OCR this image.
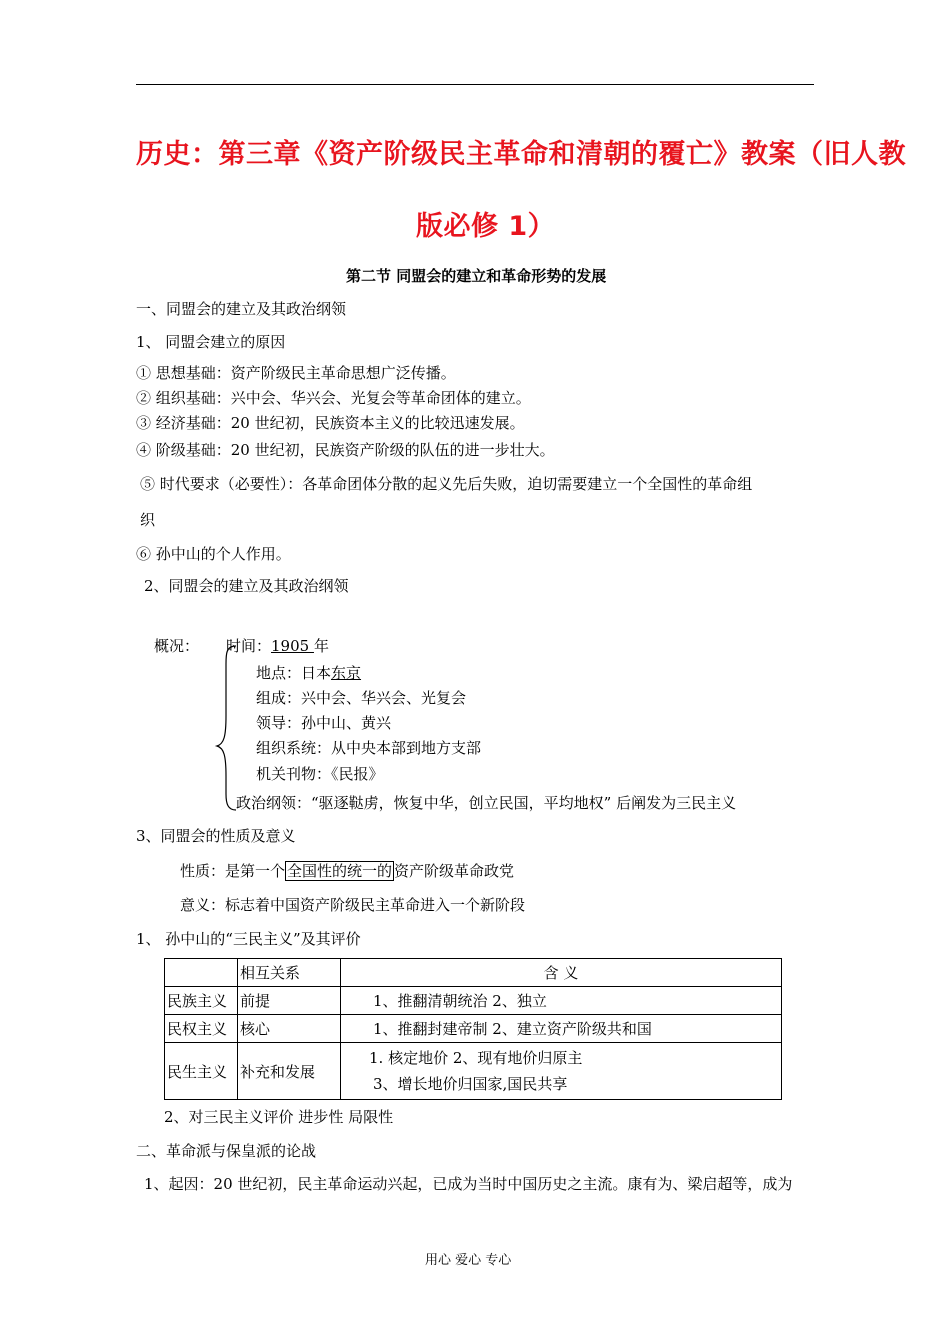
历史：第三章《资产阶级民主革命和清朝的覆亡》教案（旧人教
版必修 1）
第二节 同盟会的建立和革命形势的发展
一、同盟会的建立及其政治纲领
1、 同盟会建立的原因
① 思想基础：资产阶级民主革命思想广泛传播。
② 组织基础：兴中会、华兴会、光复会等革命团体的建立。
③ 经济基础：20 世纪初，民族资本主义的比较迅速发展。
④ 阶级基础：20 世纪初，民族资产阶级的队伍的进一步壮大。
⑤ 时代要求（必要性）：各革命团体分散的起义先后失败，迫切需要建立一个全国性的革命组
织
⑥ 孙中山的个人作用。
2、同盟会的建立及其政治纲领
概况： 时间：1905 年
地点：日本东京
组成：兴中会、华兴会、光复会
领导：孙中山、黄兴
组织系统：从中央本部到地方支部
机关刊物：《民报》
政治纲领：“驱逐鞑虏，恢复中华，创立民国，平均地权” 后阐发为三民主义
3、同盟会的性质及意义
性质：是第一个 全国性的统一的 资产阶级革命政党
意义：标志着中国资产阶级民主革命进入一个新阶段
1、 孙中山的“三民主义”及其评价
	相互关系	含 义
民族主义	前提	1、推翻清朝统治 2、独立
民权主义	核心	1、推翻封建帝制 2、建立资产阶级共和国
民生主义	补充和发展	1. 核定地价 2、现有地价归原主
3、增长地价归国家,国民共享
2、对三民主义评价 进步性 局限性
二、革命派与保皇派的论战
1、起因：20 世纪初，民主革命运动兴起，已成为当时中国历史之主流。康有为、梁启超等，成为
用心 爱心 专心
